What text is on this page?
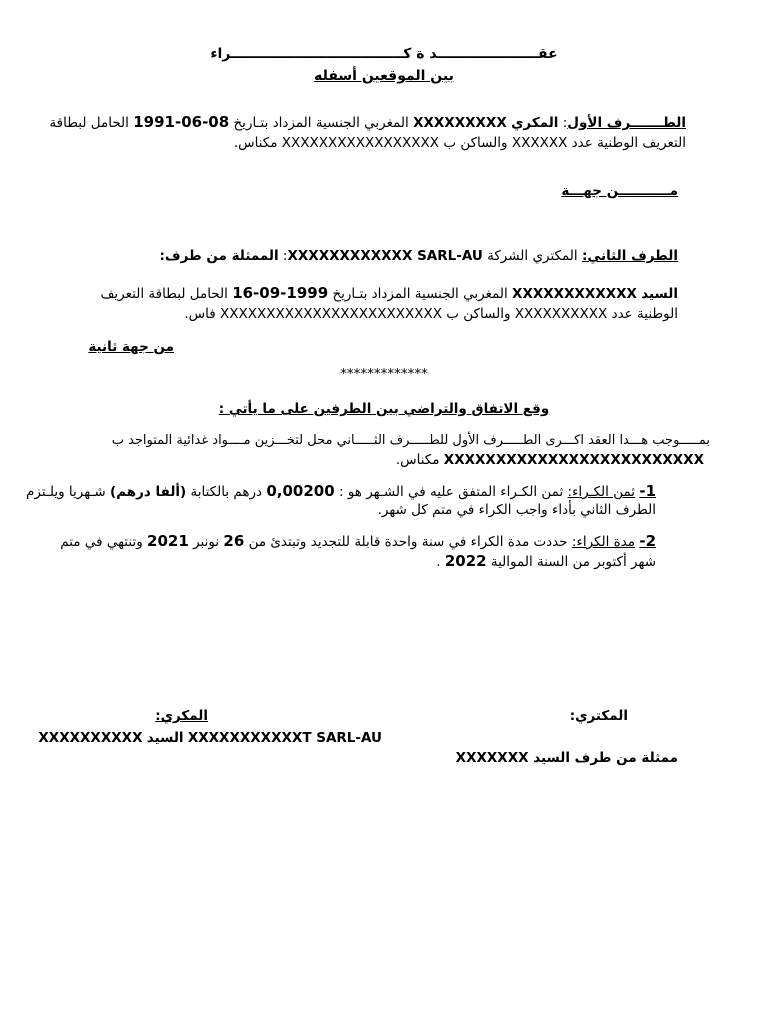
عقـــــــــــــــــــــد ة كــــــــــــــــــــــــــــــــــــراء
بين الموقعين أسفله
الطـــــــرف الأول: المكري XXXXXXXXX المغربي الجنسية المزداد بتـاريخ 1991-06-08 الحامل لبطاقة
التعريف الوطنية عدد XXXXXX والساكن ب XXXXXXXXXXXXXXXXX مكناس.
مـــــــــــن جهـــة
الطرف الثاني: المكتري الشركة XXXXXXXXXXXX SARL-AU: الممثلة من طرف:
السيد XXXXXXXXXXXX المغربي الجنسية المزداد بتـاريخ 16-09-1999 الحامل لبطاقة التعريف
الوطنية عدد XXXXXXXXXX والساكن ب XXXXXXXXXXXXXXXXXXXXXXXX فاس.
من جهة ثانية
*************
وقع الاتفاق والتراضي بين الطرفين على ما يأتي :
بمـــــوجب هـــدا العقد اكـــرى الطـــــرف الأول للطـــــرف الثـــــاني محل لتخـــزين مــــواد غدائية المتواجد ب
XXXXXXXXXXXXXXXXXXXXXXXXX مكناس.
1- ثمن الكـراء: ثمن الكـراء المتفق عليه في الشـهر هو : 0,00200 درهم بالكتابة (ألفا درهم) شـهريا ويلـتزم
الطرف الثاني بأداء واجب الكراء في متم كل شهر.
2- مدة الكراء: حددت مدة الكراء في سنة واحدة قابلة للتجديد وتبتدئ من 26 نونبر 2021 وتنتهي في متم
شهر أكتوبر من السنة الموالية 2022 .
المكري:	المكتري:
XXXXXXXXXXXT SARL-AU السيد XXXXXXXXXX
ممثلة من طرف السيد XXXXXXX
